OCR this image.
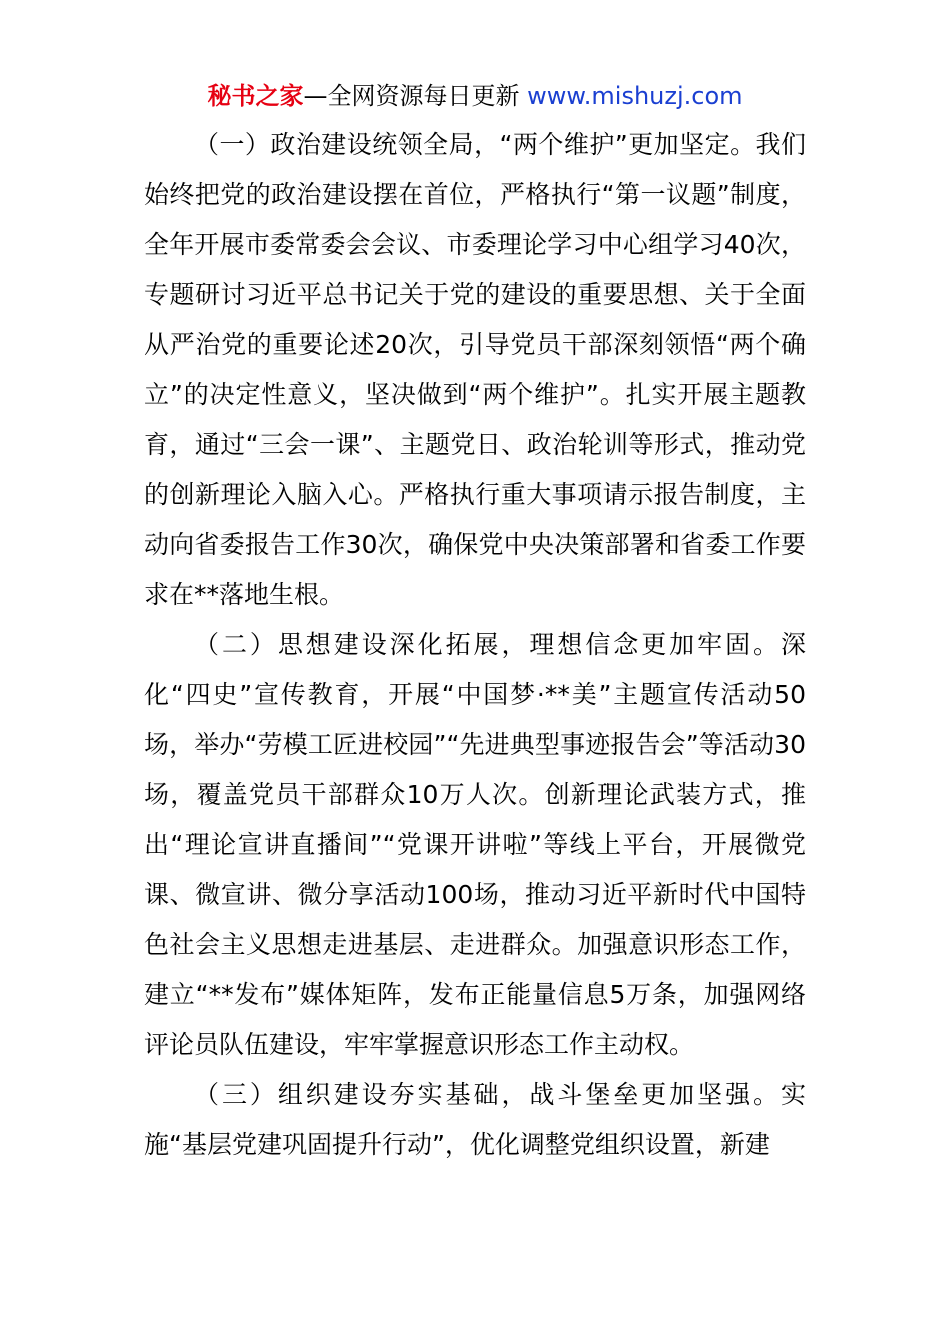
秘书之家—全网资源每日更新 www.mishuzj.com

（一）政治建设统领全局，“两个维护”更加坚定。我们始终把党的政治建设摆在首位，严格执行“第一议题”制度，全年开展市委常委会会议、市委理论学习中心组学习40次，专题研讨习近平总书记关于党的建设的重要思想、关于全面从严治党的重要论述20次，引导党员干部深刻领悟“两个确立”的决定性意义，坚决做到“两个维护”。扎实开展主题教育，通过“三会一课”、主题党日、政治轮训等形式，推动党的创新理论入脑入心。严格执行重大事项请示报告制度，主动向省委报告工作30次，确保党中央决策部署和省委工作要求在**落地生根。

（二）思想建设深化拓展，理想信念更加牢固。深化“四史”宣传教育，开展“中国梦·**美”主题宣传活动50场，举办“劳模工匠进校园”“先进典型事迹报告会”等活动30场，覆盖党员干部群众10万人次。创新理论武装方式，推出“理论宣讲直播间”“党课开讲啦”等线上平台，开展微党课、微宣讲、微分享活动100场，推动习近平新时代中国特色社会主义思想走进基层、走进群众。加强意识形态工作，建立“**发布”媒体矩阵，发布正能量信息5万条，加强网络评论员队伍建设，牢牢掌握意识形态工作主动权。

（三）组织建设夯实基础，战斗堡垒更加坚强。实施“基层党建巩固提升行动”，优化调整党组织设置，新建
